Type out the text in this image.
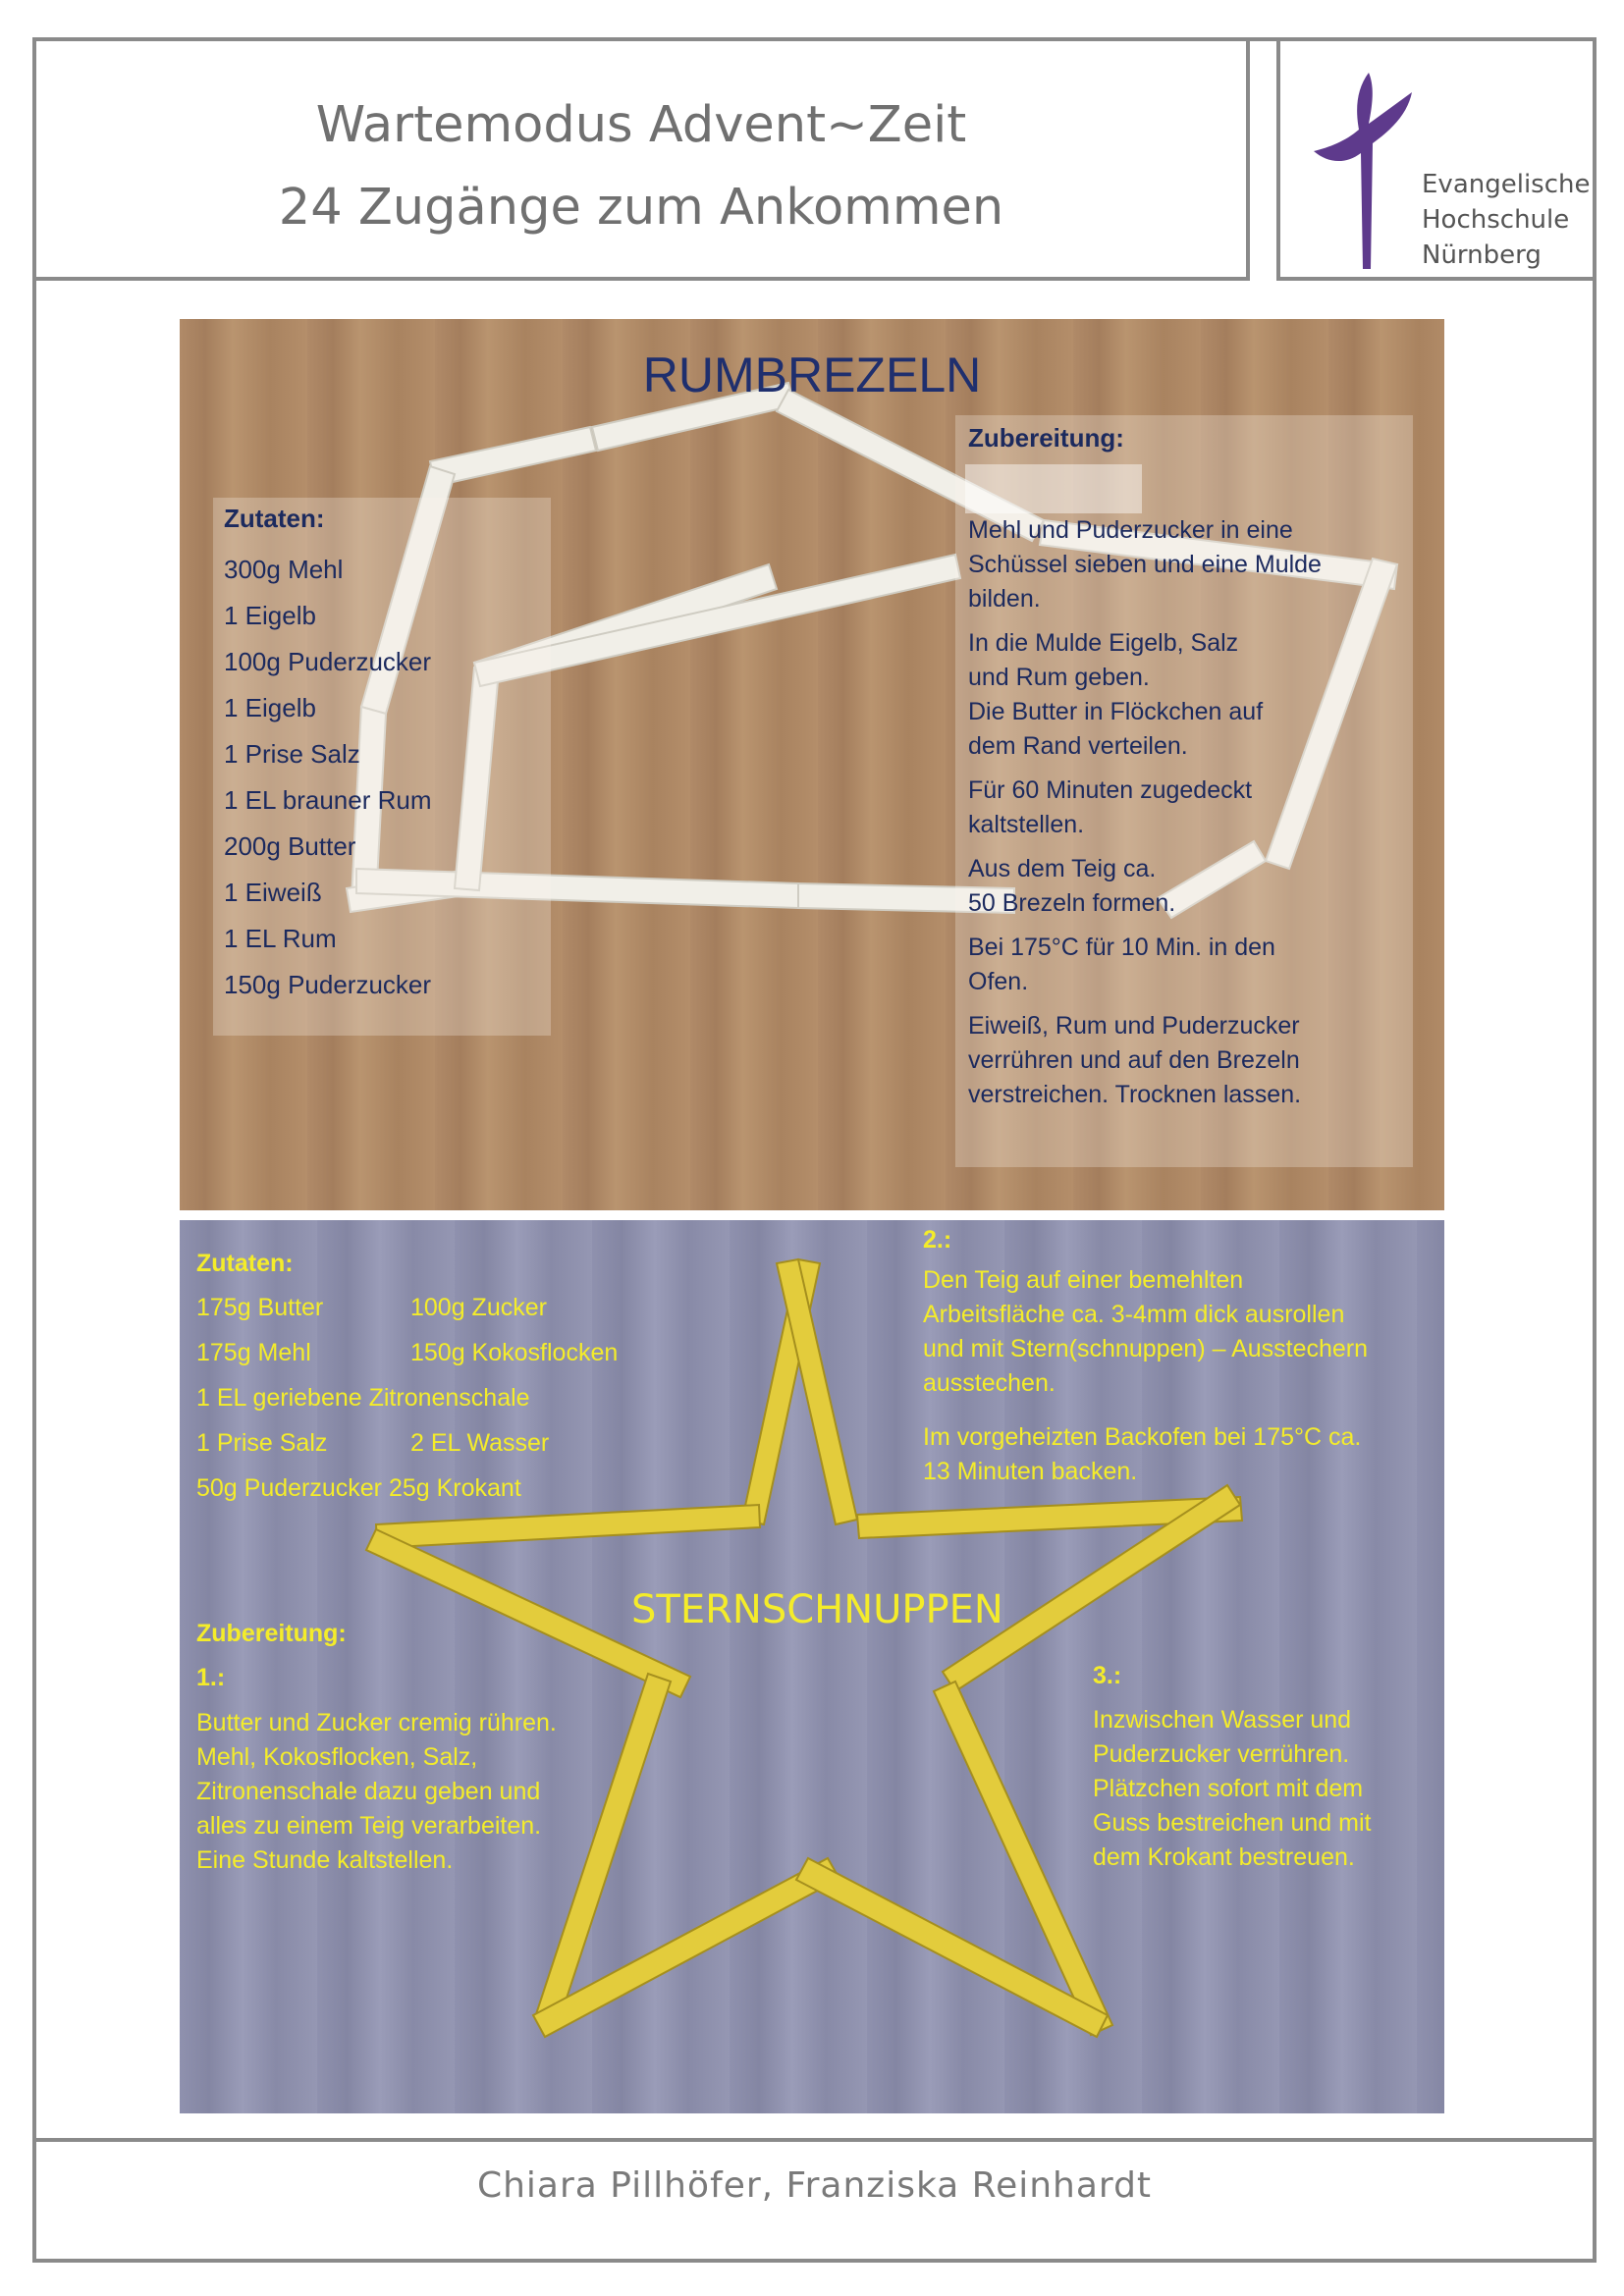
Wartemodus Advent~Zeit
24 Zugänge zum Ankommen	Evangelische
Hochschule
Nürnberg
RUMBREZELN
Zutaten:
300g Mehl
1 Eigelb
100g Puderzucker
1 Eigelb
1 Prise Salz
1 EL brauner Rum
200g Butter
1 Eiweiß
1 EL Rum
150g Puderzucker
Zubereitung:

Mehl und Puderzucker in eine
Schüssel sieben und eine Mulde
bilden.

In die Mulde Eigelb, Salz
und Rum geben.
Die Butter in Flöckchen auf
dem Rand verteilen.

Für 60 Minuten zugedeckt
kaltstellen.

Aus dem Teig ca.
50 Brezeln formen.

Bei 175°C für 10 Min. in den
Ofen.

Eiweiß, Rum und Puderzucker
verrühren und auf den Brezeln
verstreichen. Trocknen lassen.

Zutaten:
175g Butter	100g Zucker
175g Mehl	150g Kokosflocken
1 EL geriebene Zitronenschale
1 Prise Salz	2 EL Wasser
50g Puderzucker 25g Krokant
STERNSCHNUPPEN
Zubereitung:
1.:
Butter und Zucker cremig rühren.
Mehl, Kokosflocken, Salz,
Zitronenschale dazu geben und
alles zu einem Teig verarbeiten.
Eine Stunde kaltstellen.
2.:
Den Teig auf einer bemehlten
Arbeitsfläche ca. 3-4mm dick ausrollen
und mit Stern(schnuppen) – Ausstechern
ausstechen.
Im vorgeheizten Backofen bei 175°C ca.
13 Minuten backen.
3.:
Inzwischen Wasser und
Puderzucker verrühren.
Plätzchen sofort mit dem
Guss bestreichen und mit
dem Krokant bestreuen.
Chiara Pillhöfer, Franziska Reinhardt
